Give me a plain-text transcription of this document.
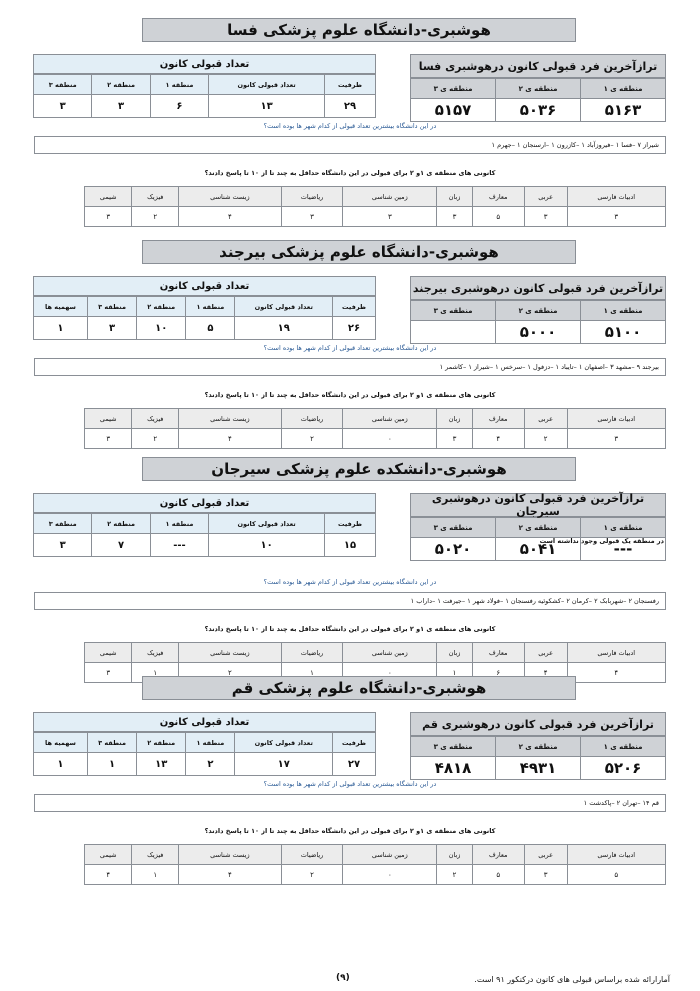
هوشبری-دانشگاه علوم پزشکی فسا
ترازآخرین فرد قبولی کانون درهوشبری فسا
منطقه ی ۱	منطقه ی ۲	منطقه ی ۳
۵۱۶۳	۵۰۳۶	۵۱۵۷
تعداد قبولی کانون
ظرفیت	تعداد قبولی کانون	منطقه ۱	منطقه ۲	منطقه ۳
۲۹	۱۳	۶	۳	۳
در این دانشگاه بیشترین تعداد قبولی از کدام شهر ها بوده است؟
شیراز ۷ –فسا ۱ –فیروزآباد ۱ –کازرون ۱ –ارسنجان ۱ –جهرم ۱
کانونی های منطقه ی ۱و ۲ برای قبولی در این دانشگاه حداقل به چند تا از ۱۰ تا پاسخ دادند؟
ادبیات فارسی	عربی	معارف	زبان	زمین شناسی	ریاضیات	زیست شناسی	فیزیک	شیمی
۳	۳	۵	۳	۳	۳	۴	۲	۳
هوشبری-دانشگاه علوم پزشکی بیرجند
ترازآخرین فرد قبولی کانون درهوشبری بیرجند
منطقه ی ۱	منطقه ی ۲	منطقه ی ۳
۵۱۰۰	۵۰۰۰	
تعداد قبولی کانون
ظرفیت	تعداد قبولی کانون	منطقه ۱	منطقه ۲	منطقه ۳	سهمیه ها
۲۶	۱۹	۵	۱۰	۳	۱
در این دانشگاه بیشترین تعداد قبولی از کدام شهر ها بوده است؟
بیرجند ۹ –مشهد ۳ –اصفهان ۱ –تایباد ۱ –دزفول ۱ –سرخس ۱ –شیراز ۱ –کاشمر ۱
کانونی های منطقه ی ۱و ۲ برای قبولی در این دانشگاه حداقل به چند تا از ۱۰ تا پاسخ دادند؟
ادبیات فارسی	عربی	معارف	زبان	زمین شناسی	ریاضیات	زیست شناسی	فیزیک	شیمی
۳	۲	۴	۳	۰	۲	۴	۲	۳
هوشبری-دانشکده علوم پزشکی سیرجان
ترازآخرین فرد قبولی کانون درهوشبری سیرجان
منطقه ی ۱	منطقه ی ۲	منطقه ی ۳
---	۵۰۴۱	۵۰۲۰
تعداد قبولی کانون
ظرفیت	تعداد قبولی کانون	منطقه ۱	منطقه ۲	منطقه ۳
۱۵	۱۰	---	۷	۳	در منطقه یک قبولی وجود نداشته است
در این دانشگاه بیشترین تعداد قبولی از کدام شهر ها بوده است؟
رفسنجان ۲ –شهربابک ۲ –کرمان ۲ –کشکوئیه رفسنجان ۱ –فولاد شهر ۱ –جیرفت ۱ –داراب ۱
کانونی های منطقه ی ۱و ۲ برای قبولی در این دانشگاه حداقل به چند تا از ۱۰ تا پاسخ دادند؟
ادبیات فارسی	عربی	معارف	زبان	زمین شناسی	ریاضیات	زیست شناسی	فیزیک	شیمی
۴	۴	۶	۱	۰	۱	۲	۱	۳
هوشبری-دانشگاه علوم پزشکی قم
ترازآخرین فرد قبولی کانون درهوشبری قم
منطقه ی ۱	منطقه ی ۲	منطقه ی ۳
۵۲۰۶	۴۹۳۱	۴۸۱۸
تعداد قبولی کانون
ظرفیت	تعداد قبولی کانون	منطقه ۱	منطقه ۲	منطقه ۳	سهمیه ها
۲۷	۱۷	۲	۱۳	۱	۱
در این دانشگاه بیشترین تعداد قبولی از کدام شهر ها بوده است؟
قم ۱۴ –تهران ۲ –پاکدشت ۱
کانونی های منطقه ی ۱و ۲ برای قبولی در این دانشگاه حداقل به چند تا از ۱۰ تا پاسخ دادند؟
ادبیات فارسی	عربی	معارف	زبان	زمین شناسی	ریاضیات	زیست شناسی	فیزیک	شیمی
۵	۳	۵	۲	۰	۲	۴	۱	۴
(۹)	آمارارائه شده براساس قبولی های کانون درکنکور ۹۱ است.
